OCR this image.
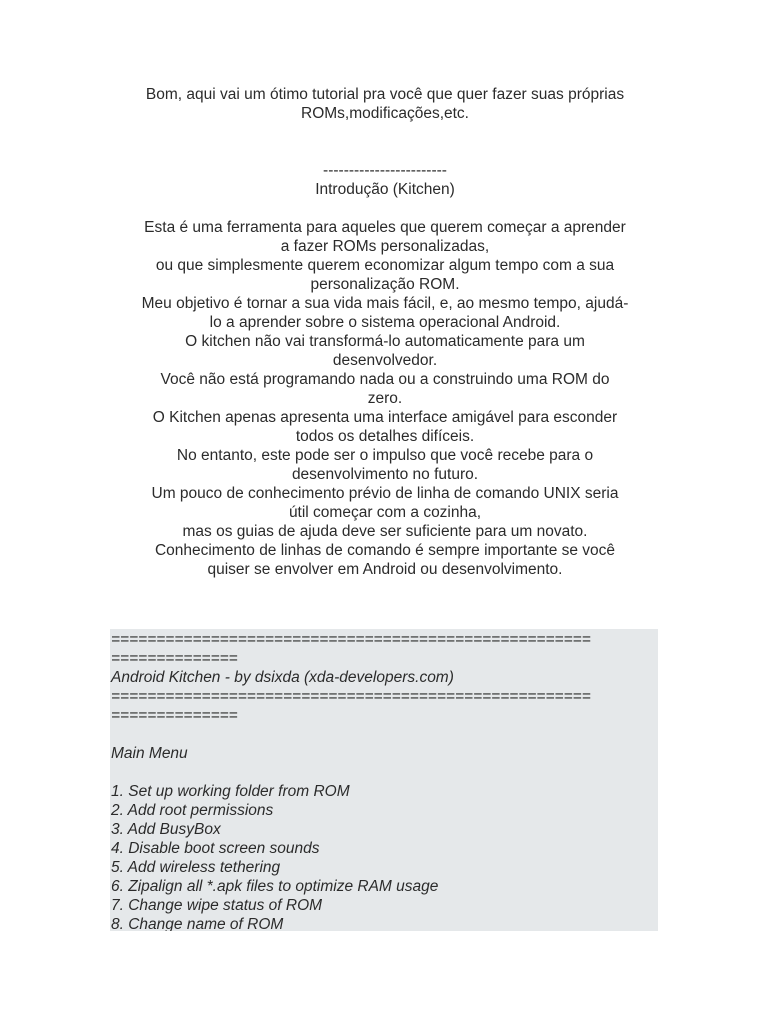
Bom, aqui vai um ótimo tutorial pra você que quer fazer suas próprias
ROMs,modificações,etc.
------------------------
Introdução (Kitchen)
Esta é uma ferramenta para aqueles que querem começar a aprender
a fazer ROMs personalizadas,
ou que simplesmente querem economizar algum tempo com a sua
personalização ROM.
Meu objetivo é tornar a sua vida mais fácil, e, ao mesmo tempo, ajudá-
lo a aprender sobre o sistema operacional Android.
O kitchen não vai transformá-lo automaticamente para um
desenvolvedor.
Você não está programando nada ou a construindo uma ROM do
zero.
O Kitchen apenas apresenta uma interface amigável para esconder
todos os detalhes difíceis.
No entanto, este pode ser o impulso que você recebe para o
desenvolvimento no futuro.
Um pouco de conhecimento prévio de linha de comando UNIX seria
útil começar com a cozinha,
mas os guias de ajuda deve ser suficiente para um novato.
Conhecimento de linhas de comando é sempre importante se você
quiser se envolver em Android ou desenvolvimento.
=====================================================
==============
Android Kitchen - by dsixda (xda-developers.com)
=====================================================
==============
Main Menu
1. Set up working folder from ROM
2. Add root permissions
3. Add BusyBox
4. Disable boot screen sounds
5. Add wireless tethering
6. Zipalign all *.apk files to optimize RAM usage
7. Change wipe status of ROM
8. Change name of ROM
